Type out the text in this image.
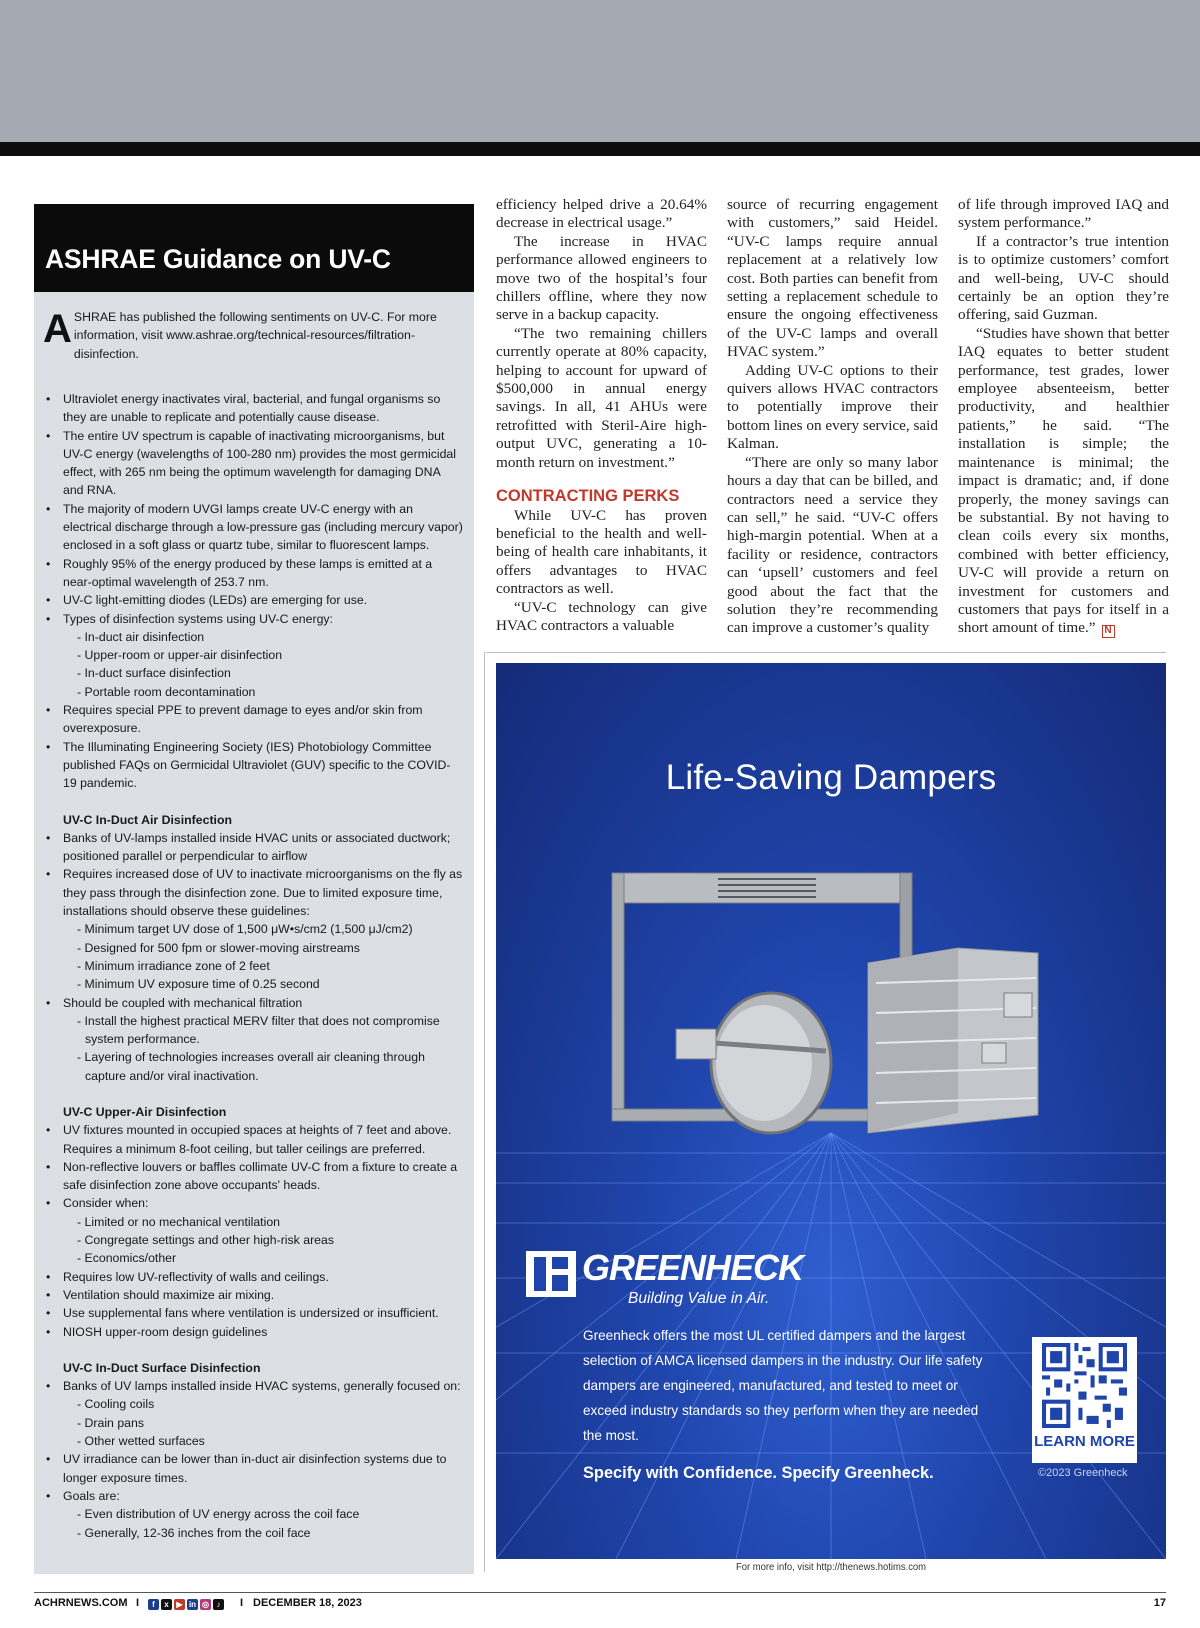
ASHRAE Guidance on UV-C

ASHRAE has published the following sentiments on UV-C. For more information, visit www.ashrae.org/technical-resources/filtration-disinfection.

• Ultraviolet energy inactivates viral, bacterial, and fungal organisms so they are unable to replicate and potentially cause disease.
• The entire UV spectrum is capable of inactivating microorganisms, but UV-C energy (wavelengths of 100-280 nm) provides the most germicidal effect, with 265 nm being the optimum wavelength for damaging DNA and RNA.
• The majority of modern UVGI lamps create UV-C energy with an electrical discharge through a low-pressure gas (including mercury vapor) enclosed in a soft glass or quartz tube, similar to fluorescent lamps.
• Roughly 95% of the energy produced by these lamps is emitted at a near-optimal wavelength of 253.7 nm.
• UV-C light-emitting diodes (LEDs) are emerging for use.
• Types of disinfection systems using UV-C energy:
- In-duct air disinfection
- Upper-room or upper-air disinfection
- In-duct surface disinfection
- Portable room decontamination
• Requires special PPE to prevent damage to eyes and/or skin from overexposure.
• The Illuminating Engineering Society (IES) Photobiology Committee published FAQs on Germicidal Ultraviolet (GUV) specific to the COVID-19 pandemic.
UV-C In-Duct Air Disinfection
• Banks of UV-lamps installed inside HVAC units or associated ductwork; positioned parallel or perpendicular to airflow
• Requires increased dose of UV to inactivate microorganisms on the fly as they pass through the disinfection zone. Due to limited exposure time, installations should observe these guidelines:
- Minimum target UV dose of 1,500 μW•s/cm2 (1,500 μJ/cm2)
- Designed for 500 fpm or slower-moving airstreams
- Minimum irradiance zone of 2 feet
- Minimum UV exposure time of 0.25 second
• Should be coupled with mechanical filtration
- Install the highest practical MERV filter that does not compromise system performance.
- Layering of technologies increases overall air cleaning through capture and/or viral inactivation.
UV-C Upper-Air Disinfection
• UV fixtures mounted in occupied spaces at heights of 7 feet and above. Requires a minimum 8-foot ceiling, but taller ceilings are preferred.
• Non-reflective louvers or baffles collimate UV-C from a fixture to create a safe disinfection zone above occupants' heads.
• Consider when:
- Limited or no mechanical ventilation
- Congregate settings and other high-risk areas
- Economics/other
• Requires low UV-reflectivity of walls and ceilings.
• Ventilation should maximize air mixing.
• Use supplemental fans where ventilation is undersized or insufficient.
• NIOSH upper-room design guidelines
UV-C In-Duct Surface Disinfection
• Banks of UV lamps installed inside HVAC systems, generally focused on:
- Cooling coils
- Drain pans
- Other wetted surfaces
• UV irradiance can be lower than in-duct air disinfection systems due to longer exposure times.
• Goals are:
- Even distribution of UV energy across the coil face
- Generally, 12-36 inches from the coil face

efficiency helped drive a 20.64% decrease in electrical usage.”

The increase in HVAC performance allowed engineers to move two of the hospital’s four chillers offline, where they now serve in a backup capacity.

“The two remaining chillers currently operate at 80% capacity, helping to account for upward of $500,000 in annual energy savings. In all, 41 AHUs were retrofitted with Steril-Aire high-output UVC, generating a 10-month return on investment.”

CONTRACTING PERKS

While UV-C has proven beneficial to the health and well-being of health care inhabitants, it offers advantages to HVAC contractors as well.

“UV-C technology can give HVAC contractors a valuable

source of recurring engagement with customers,” said Heidel. “UV-C lamps require annual replacement at a relatively low cost. Both parties can benefit from setting a replacement schedule to ensure the ongoing effectiveness of the UV-C lamps and overall HVAC system.”

Adding UV-C options to their quivers allows HVAC contractors to potentially improve their bottom lines on every service, said Kalman.

“There are only so many labor hours a day that can be billed, and contractors need a service they can sell,” he said. “UV-C offers high-margin potential. When at a facility or residence, contractors can ‘upsell’ customers and feel good about the fact that the solution they’re recommending can improve a customer’s quality

of life through improved IAQ and system performance.”

If a contractor’s true intention is to optimize customers’ comfort and well-being, UV-C should certainly be an option they’re offering, said Guzman.

“Studies have shown that better IAQ equates to better student performance, test grades, lower employee absenteeism, better productivity, and healthier patients,” he said. “The installation is simple; the maintenance is minimal; the impact is dramatic; and, if done properly, the money savings can be substantial. By not having to clean coils every six months, combined with better efficiency, UV-C will provide a return on investment for customers and customers that pays for itself in a short amount of time.” N

Life-Saving Dampers
GREENHECK
Building Value in Air.

Greenheck offers the most UL certified dampers and the largest selection of AMCA licensed dampers in the industry. Our life safety dampers are engineered, manufactured, and tested to meet or exceed industry standards so they perform when they are needed the most.

Specify with Confidence. Specify Greenheck.

LEARN MORE
©2023 Greenheck
For more info, visit http://thenews.hotims.com
ACHRNEWS.COM I	f x ▶ in ◎ ♪	I DECEMBER 18, 2023	17
